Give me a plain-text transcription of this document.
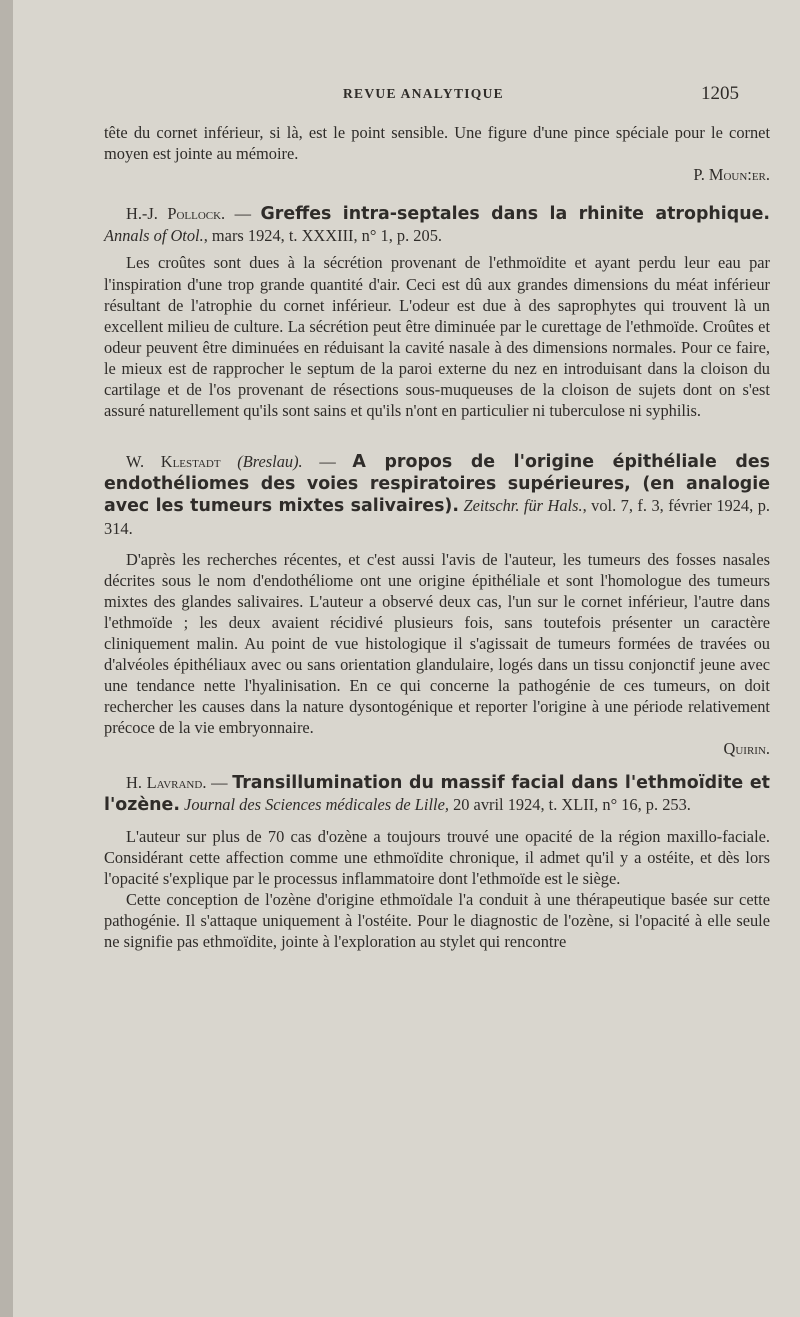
REVUE ANALYTIQUE	1205

tête du cornet inférieur, si là, est le point sensible. Une figure d'une pince spéciale pour le cornet moyen est jointe au mémoire.

P. Moun:er.

H.-J. Pollock. — Greffes intra-septales dans la rhinite atrophique. Annals of Otol., mars 1924, t. XXXIII, n° 1, p. 205.

Les croûtes sont dues à la sécrétion provenant de l'ethmoïdite et ayant perdu leur eau par l'inspiration d'une trop grande quantité d'air. Ceci est dû aux grandes dimensions du méat inférieur résultant de l'atrophie du cornet inférieur. L'odeur est due à des saprophytes qui trouvent là un excellent milieu de culture. La sécrétion peut être diminuée par le curettage de l'ethmoïde. Croûtes et odeur peuvent être diminuées en réduisant la cavité nasale à des dimensions normales. Pour ce faire, le mieux est de rapprocher le septum de la paroi externe du nez en introduisant dans la cloison du cartilage et de l'os provenant de résections sous-muqueuses de la cloison de sujets dont on s'est assuré naturellement qu'ils sont sains et qu'ils n'ont en particulier ni tuberculose ni syphilis.

W. Klestadt (Breslau). — A propos de l'origine épithéliale des endothéliomes des voies respiratoires supérieures, (en analogie avec les tumeurs mixtes salivaires). Zeitschr. für Hals., vol. 7, f. 3, février 1924, p. 314.

D'après les recherches récentes, et c'est aussi l'avis de l'auteur, les tumeurs des fosses nasales décrites sous le nom d'endothéliome ont une origine épithéliale et sont l'homologue des tumeurs mixtes des glandes salivaires. L'auteur a observé deux cas, l'un sur le cornet inférieur, l'autre dans l'ethmoïde ; les deux avaient récidivé plusieurs fois, sans toutefois présenter un caractère cliniquement malin. Au point de vue histologique il s'agissait de tumeurs formées de travées ou d'alvéoles épithéliaux avec ou sans orientation glandulaire, logés dans un tissu conjonctif jeune avec une tendance nette l'hyalinisation. En ce qui concerne la pathogénie de ces tumeurs, on doit rechercher les causes dans la nature dysontogénique et reporter l'origine à une période relativement précoce de la vie embryonnaire.

Quirin.

H. Lavrand. — Transillumination du massif facial dans l'ethmoïdite et l'ozène. Journal des Sciences médicales de Lille, 20 avril 1924, t. XLII, n° 16, p. 253.

L'auteur sur plus de 70 cas d'ozène a toujours trouvé une opacité de la région maxillo-faciale. Considérant cette affection comme une ethmoïdite chronique, il admet qu'il y a ostéite, et dès lors l'opacité s'explique par le processus inflammatoire dont l'ethmoïde est le siège.

Cette conception de l'ozène d'origine ethmoïdale l'a conduit à une thérapeutique basée sur cette pathogénie. Il s'attaque uniquement à l'ostéite. Pour le diagnostic de l'ozène, si l'opacité à elle seule ne signifie pas ethmoïdite, jointe à l'exploration au stylet qui rencontre
